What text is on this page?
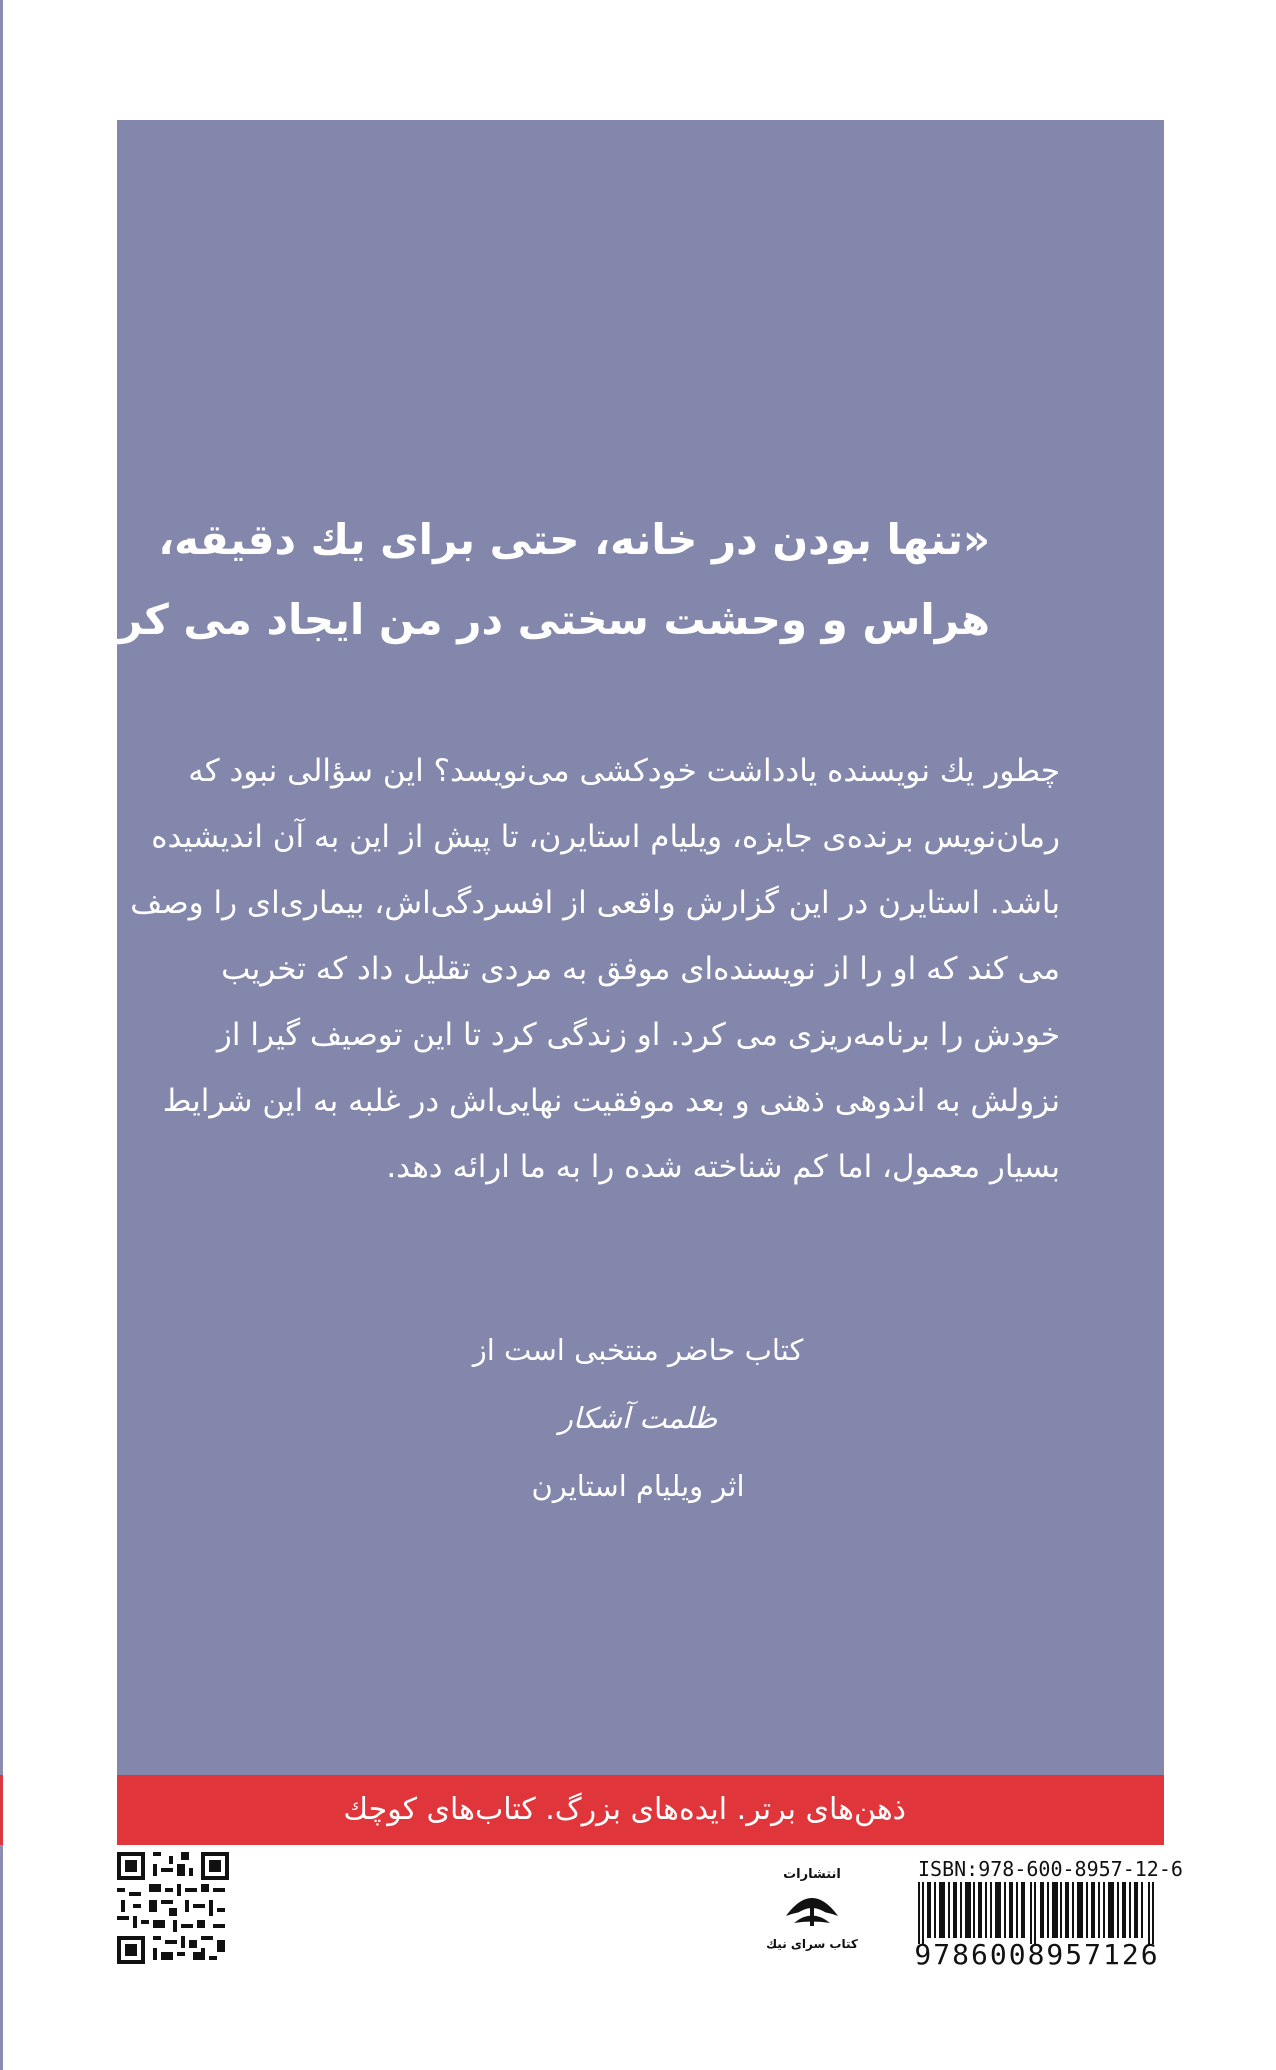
«تنها بودن در خانه، حتی برای یك دقیقه،
هراس و وحشت سختی در من ایجاد می کرد.»
چطور یك نویسنده یادداشت خودکشی می‌نویسد؟ این سؤالی نبود که
رمان‌نویس برنده‌ی جایزه، ویلیام استایرن، تا پیش از این به آن اندیشیده
باشد. استایرن در این گزارش واقعی از افسردگی‌اش، بیماری‌ای را وصف
می کند که او را از نویسنده‌ای موفق به مردی تقلیل داد که تخریب
خودش را برنامه‌ریزی می کرد. او زندگی کرد تا این توصیف گیرا از
نزولش به اندوهی ذهنی و بعد موفقیت نهایی‌اش در غلبه به این شرایط
بسیار معمول، اما کم شناخته شده را به ما ارائه دهد.
کتاب حاضر منتخبی است از
ظلمت آشکار
اثر ویلیام استایرن
ذهن‌های برتر. ایده‌های بزرگ. کتاب‌های کوچك
انتشارات
کتاب سرای نیك
ISBN:978-600-8957-12-6
9786008957126
